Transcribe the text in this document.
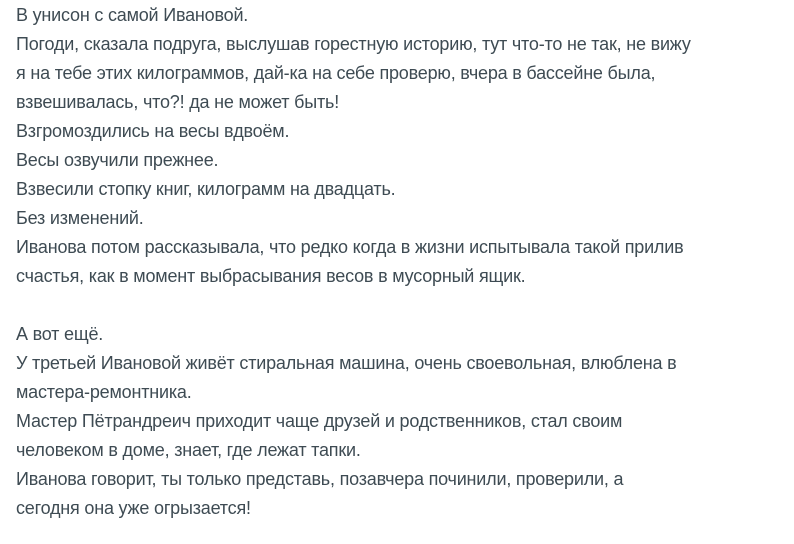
В унисон с самой Ивановой.
Погоди, сказала подруга, выслушав горестную историю, тут что-то не так, не вижу
я на тебе этих килограммов, дай-ка на себе проверю, вчера в бассейне была,
взвешивалась, что?! да не может быть!
Взгромоздились на весы вдвоём.
Весы озвучили прежнее.
Взвесили стопку книг, килограмм на двадцать.
Без изменений.
Иванова потом рассказывала, что редко когда в жизни испытывала такой прилив
счастья, как в момент выбрасывания весов в мусорный ящик.

А вот ещё.
У третьей Ивановой живёт стиральная машина, очень своевольная, влюблена в
мастера-ремонтника.
Мастер Пётрандреич приходит чаще друзей и родственников, стал своим
человеком в доме, знает, где лежат тапки.
Иванова говорит, ты только представь, позавчера починили, проверили, а
сегодня она уже огрызается!
